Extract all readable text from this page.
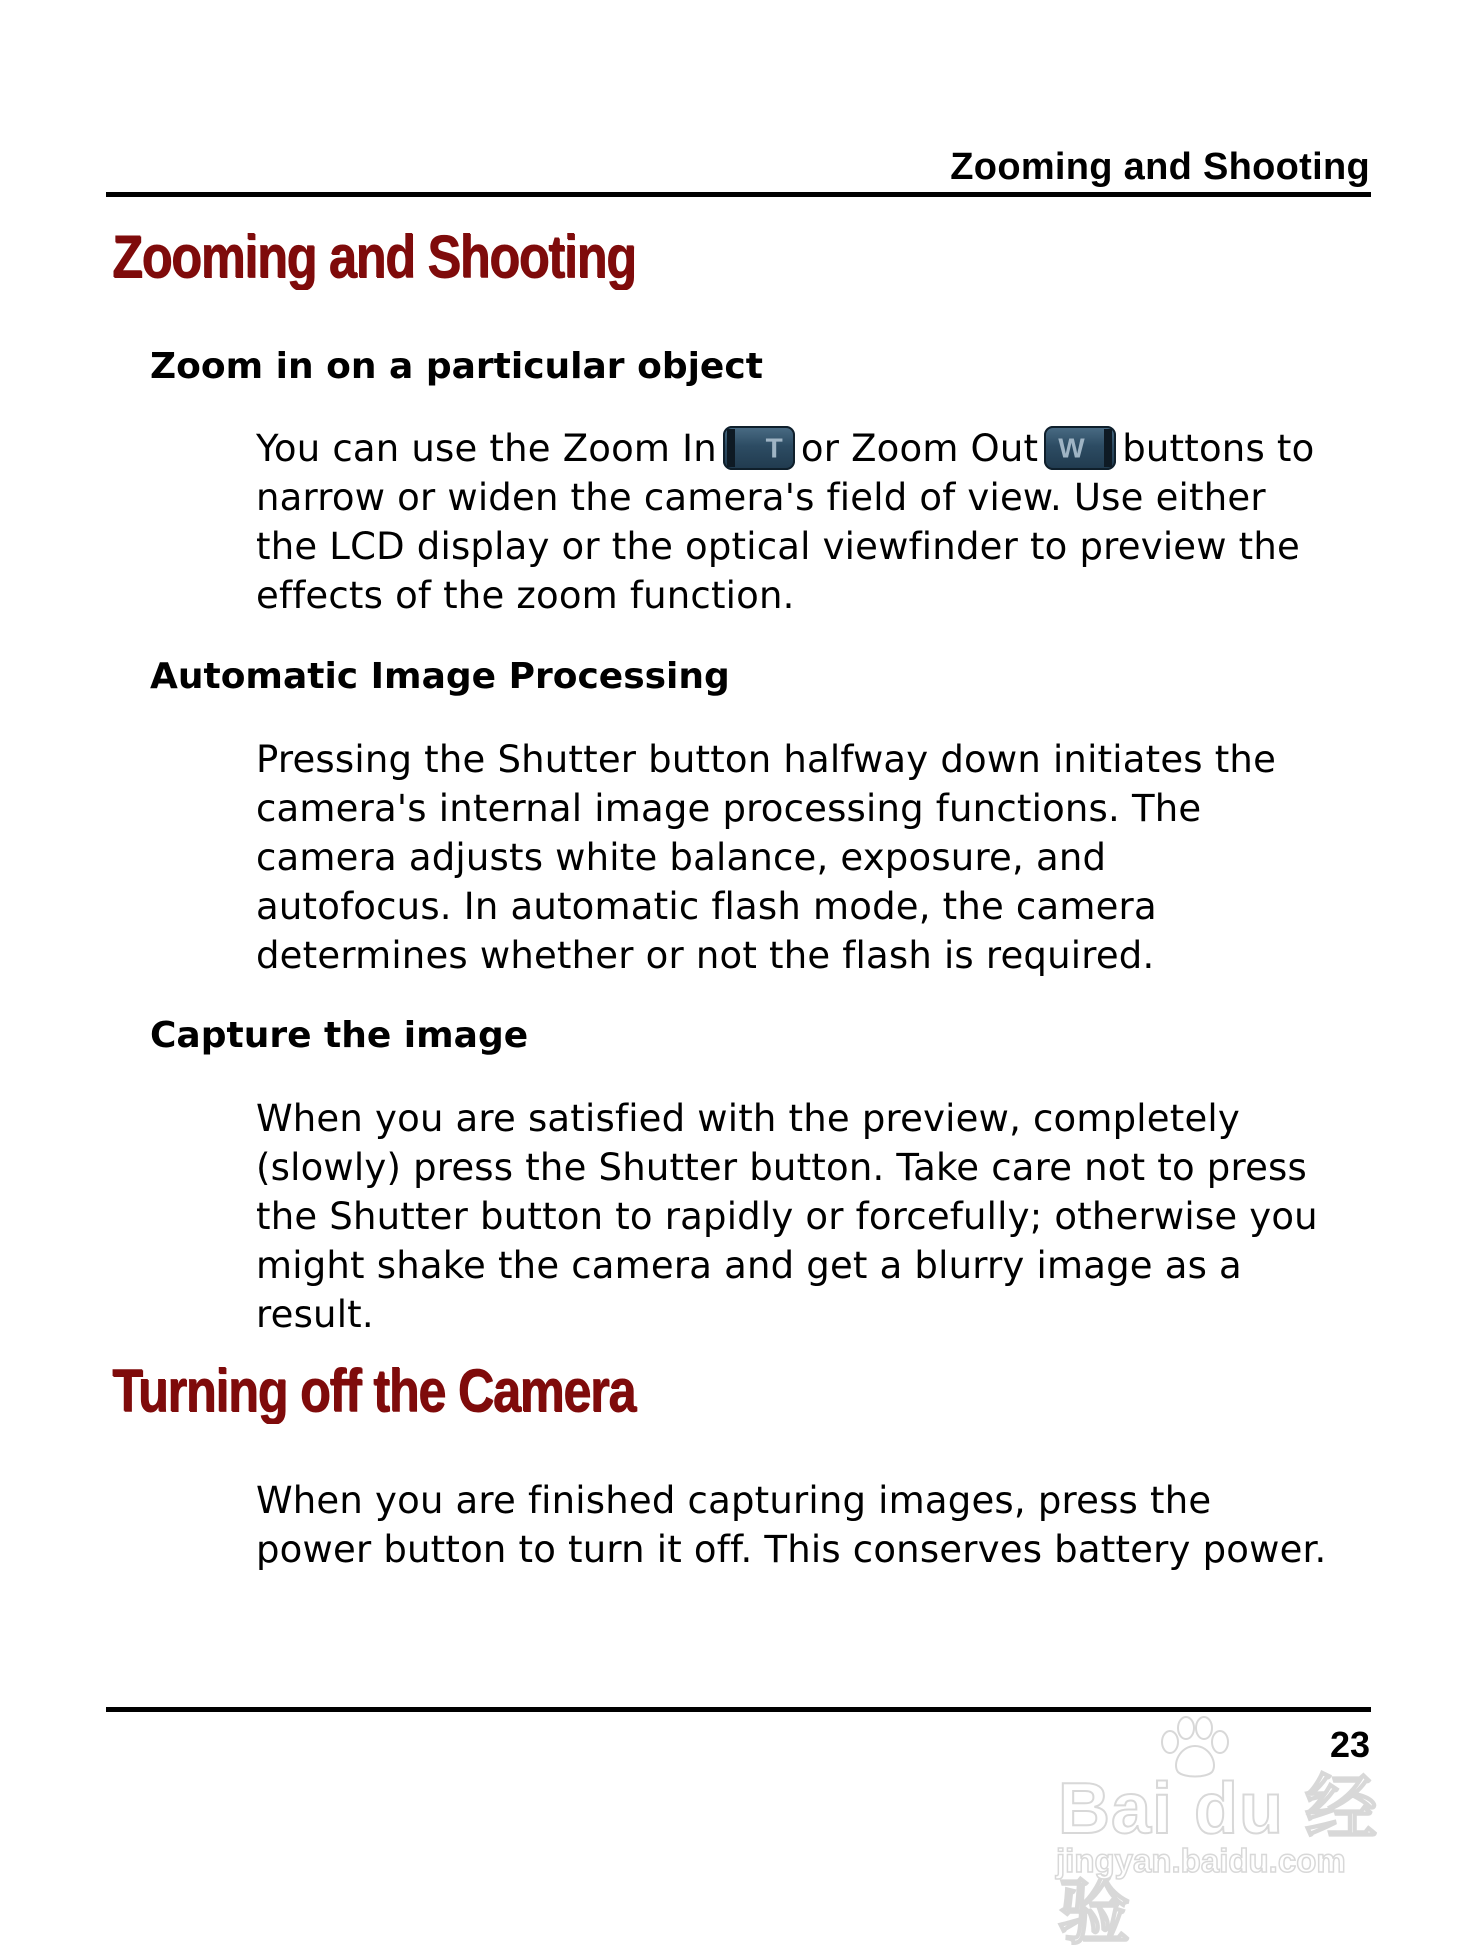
Zooming and Shooting
Zooming and Shooting
Zoom in on a particular object
You can use the Zoom In T or Zoom Out W buttons to
narrow or widen the camera's field of view. Use either
the LCD display or the optical viewfinder to preview the
effects of the zoom function.
Automatic Image Processing
Pressing the Shutter button halfway down initiates the
camera's internal image processing functions. The
camera adjusts white balance, exposure, and
autofocus. In automatic flash mode, the camera
determines whether or not the flash is required.
Capture the image
When you are satisfied with the preview, completely
(slowly) press the Shutter button. Take care not to press
the Shutter button to rapidly or forcefully; otherwise you
might shake the camera and get a blurry image as a
result.
Turning off the Camera
When you are finished capturing images, press the
power button to turn it off. This conserves battery power.
23
Bai du 经验
jingyan.baidu.com
